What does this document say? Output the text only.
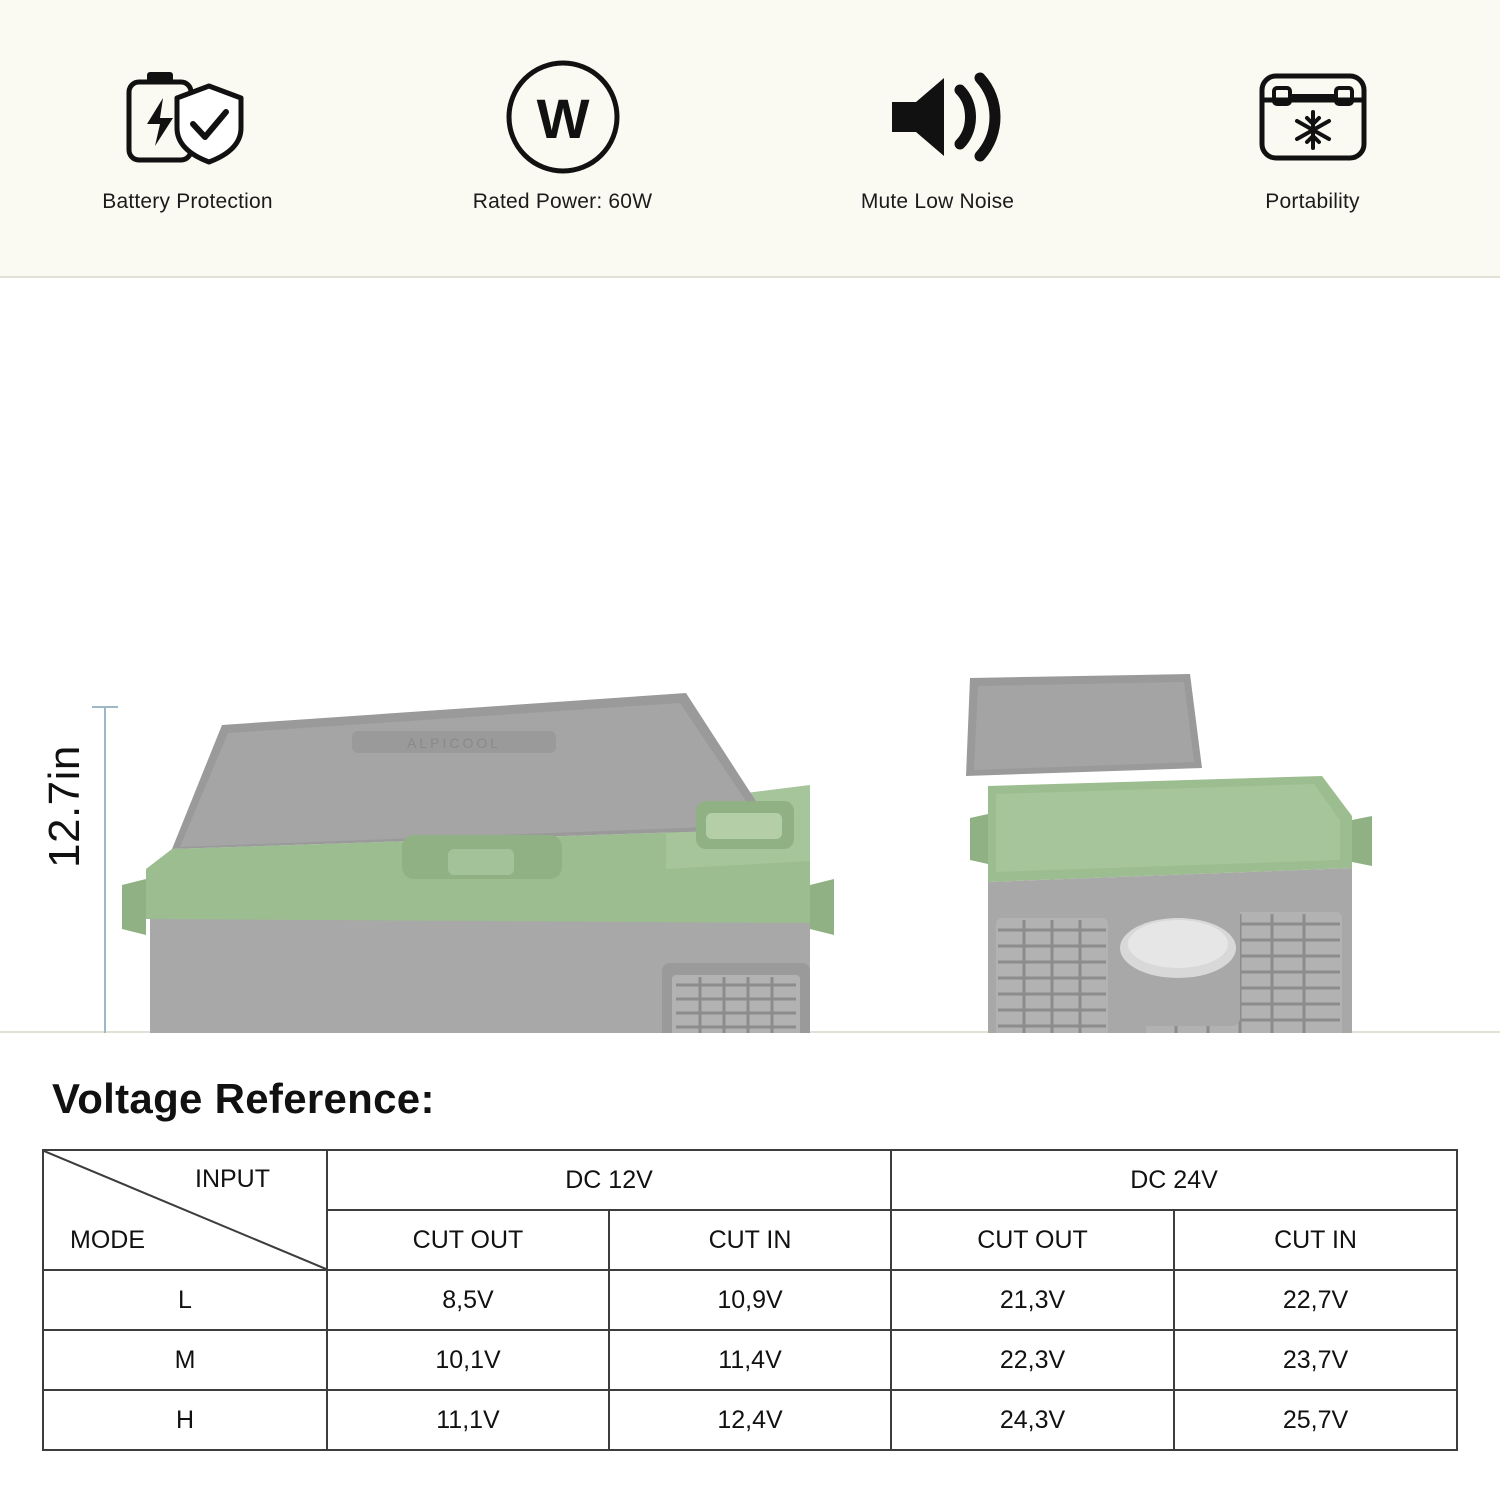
Battery Protection
W
Rated Power: 60W	Mute Low Noise	Portability
12.7in
ALPICOOL
Voltage Reference:
INPUT
MODE	DC 12V		DC 24V	
	CUT OUT	CUT IN	CUT OUT	CUT IN
L	8,5V	10,9V	21,3V	22,7V
M	10,1V	11,4V	22,3V	23,7V
H	11,1V	12,4V	24,3V	25,7V
